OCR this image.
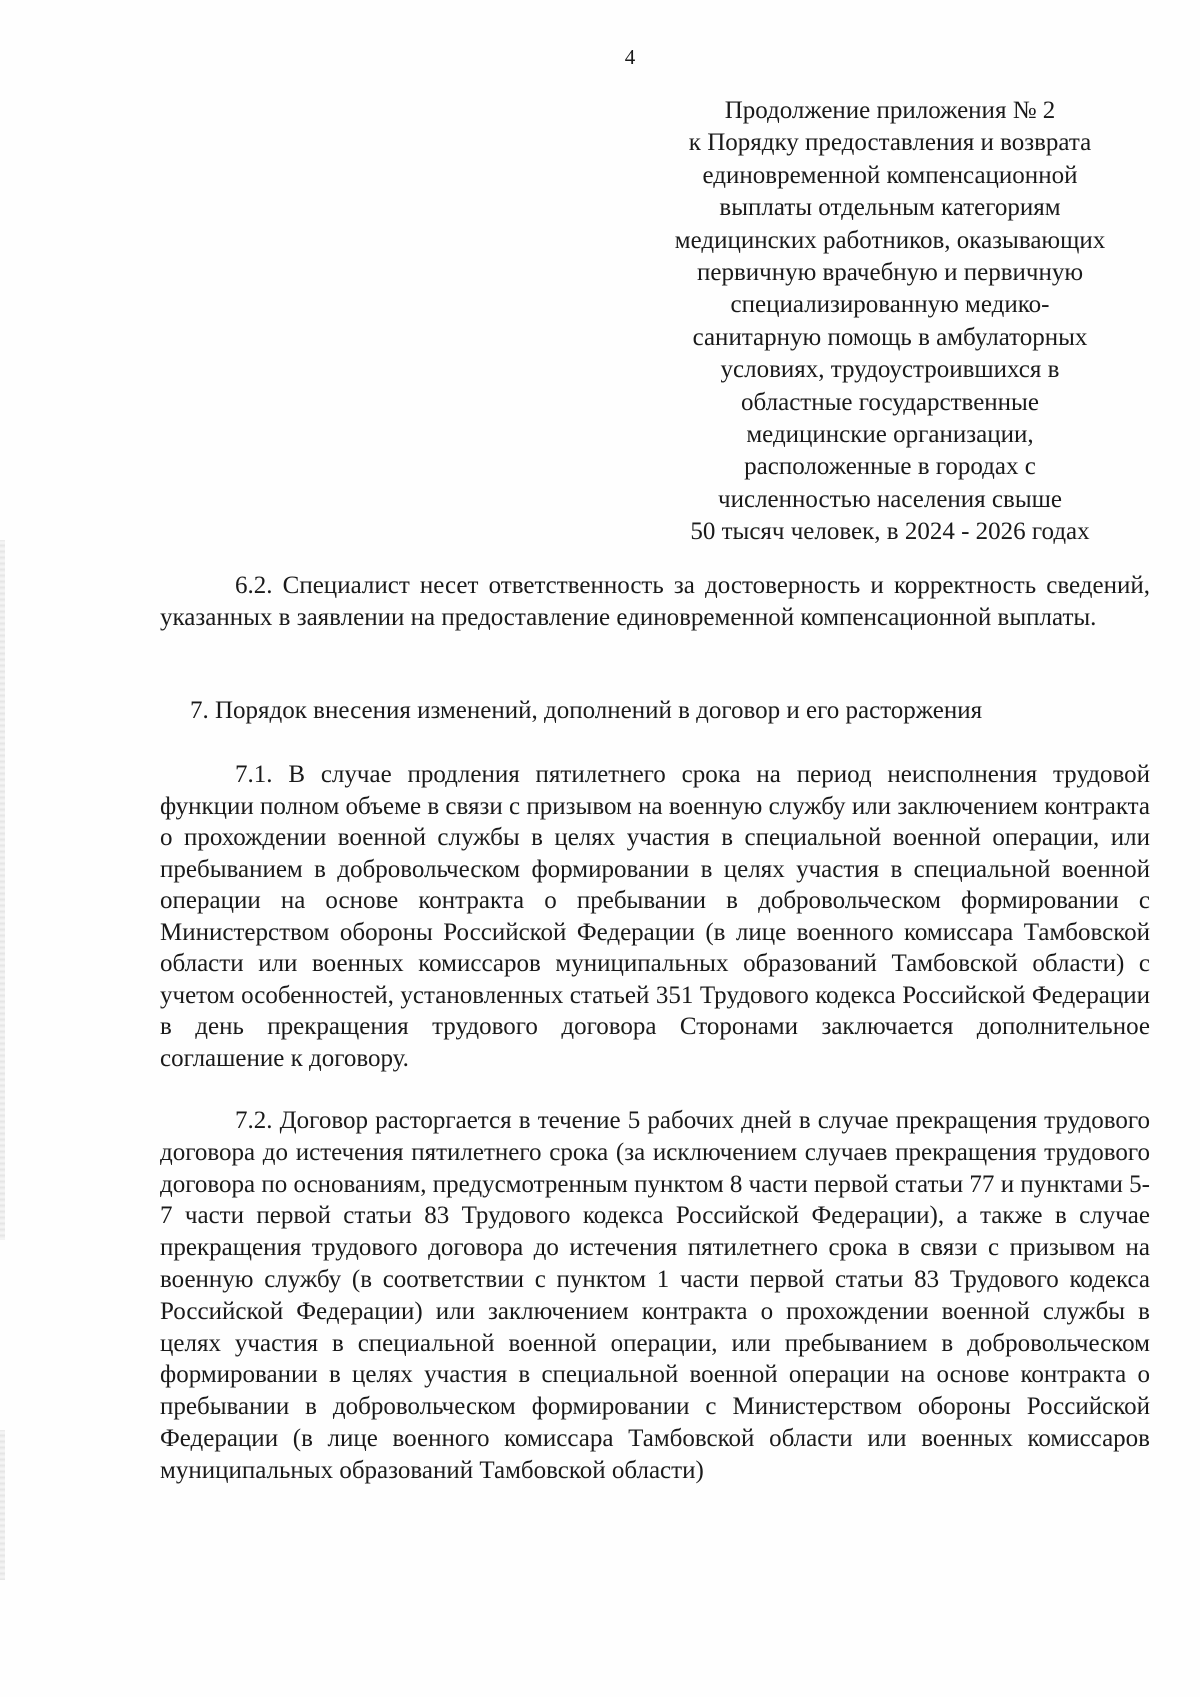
4
Продолжение приложения № 2
к Порядку предоставления и возврата
единовременной компенсационной
выплаты отдельным категориям
медицинских работников, оказывающих
первичную врачебную и первичную
специализированную медико-
санитарную помощь в амбулаторных
условиях, трудоустроившихся в
областные государственные
медицинские организации,
расположенные в городах с
численностью населения свыше
50 тысяч человек, в 2024 - 2026 годах

6.2. Специалист несет ответственность за достоверность и корректность сведений, указанных в заявлении на предоставление единовременной компенсационной выплаты.

7. Порядок внесения изменений, дополнений в договор и его расторжения

7.1. В случае продления пятилетнего срока на период неисполнения трудовой функции полном объеме в связи с призывом на военную службу или заключением контракта о прохождении военной службы в целях участия в специальной военной операции, или пребыванием в добровольческом формировании в целях участия в специальной военной операции на основе контракта о пребывании в добровольческом формировании с Министерством обороны Российской Федерации (в лице военного комиссара Тамбовской области или военных комиссаров муниципальных образований Тамбовской области) с учетом особенностей, установленных статьей 351 Трудового кодекса Российской Федерации в день прекращения трудового договора Сторонами заключается дополнительное соглашение к договору.

7.2. Договор расторгается в течение 5 рабочих дней в случае прекращения трудового договора до истечения пятилетнего срока (за исключением случаев прекращения трудового договора по основаниям, предусмотренным пунктом 8 части первой статьи 77 и пунктами 5-7 части первой статьи 83 Трудового кодекса Российской Федерации), а также в случае прекращения трудового договора до истечения пятилетнего срока в связи с призывом на военную службу (в соответствии с пунктом 1 части первой статьи 83 Трудового кодекса Российской Федерации) или заключением контракта о прохождении военной службы в целях участия в специальной военной операции, или пребыванием в добровольческом формировании в целях участия в специальной военной операции на основе контракта о пребывании в добровольческом формировании с Министерством обороны Российской Федерации (в лице военного комиссара Тамбовской области или военных комиссаров муниципальных образований Тамбовской области)
